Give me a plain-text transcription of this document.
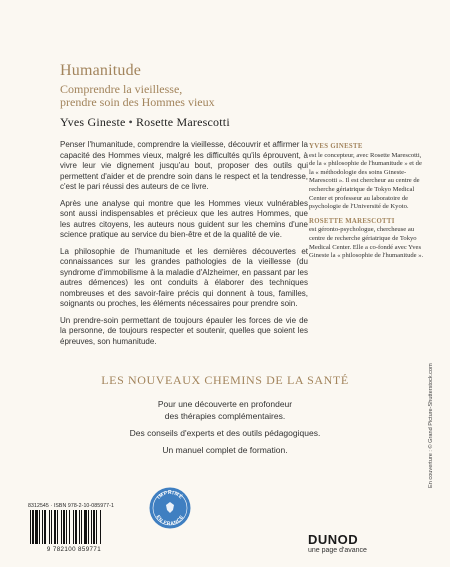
Humanitude
Comprendre la vieillesse,
prendre soin des Hommes vieux
Yves Gineste • Rosette Marescotti

Penser l'humanitude, comprendre la vieillesse, découvrir et affirmer la capacité des Hommes vieux, malgré les difficultés qu'ils éprouvent, à vivre leur vie dignement jusqu'au bout, proposer des outils qui permettent d'aider et de prendre soin dans le respect et la tendresse, c'est le pari réussi des auteurs de ce livre.

Après une analyse qui montre que les Hommes vieux vulnérables sont aussi indispensables et précieux que les autres Hommes, que les autres citoyens, les auteurs nous guident sur les chemins d'une science pratique au service du bien-être et de la qualité de vie.

La philosophie de l'humanitude et les dernières découvertes et connaissances sur les grandes pathologies de la vieillesse (du syndrome d'immobilisme à la maladie d'Alzheimer, en passant par les autres démences) les ont conduits à élaborer des techniques nombreuses et des savoir-faire précis qui donnent à tous, familles, soignants ou proches, les éléments nécessaires pour prendre soin.

Un prendre-soin permettant de toujours épauler les forces de vie de la personne, de toujours respecter et soutenir, quelles que soient les épreuves, son humanitude.

YVES GINESTE
est le concepteur, avec Rosette Marescotti, de la « philosophie de l'humanitude » et de la « méthodologie des soins Gineste-Marescotti ». Il est chercheur au centre de recherche gériatrique de Tokyo Medical Center et professeur au laboratoire de psychologie de l'Université de Kyoto.

ROSETTE MARESCOTTI
est géronto-psychologue, chercheuse au centre de recherche gériatrique de Tokyo Medical Center. Elle a co-fondé avec Yves Gineste la « philosophie de l'humanitude ».

En couverture : © Grand Picture-Shutterstock.com
LES NOUVEAUX CHEMINS DE LA SANTÉ

Pour une découverte en profondeur
des thérapies complémentaires.

Des conseils d'experts et des outils pédagogiques.

Un manuel complet de formation.

8312545 · ISBN 978-2-10-085977-1
9 782100 859771
IMPRIMÉ
EN FRANCE
DUNOD
une page d'avance
